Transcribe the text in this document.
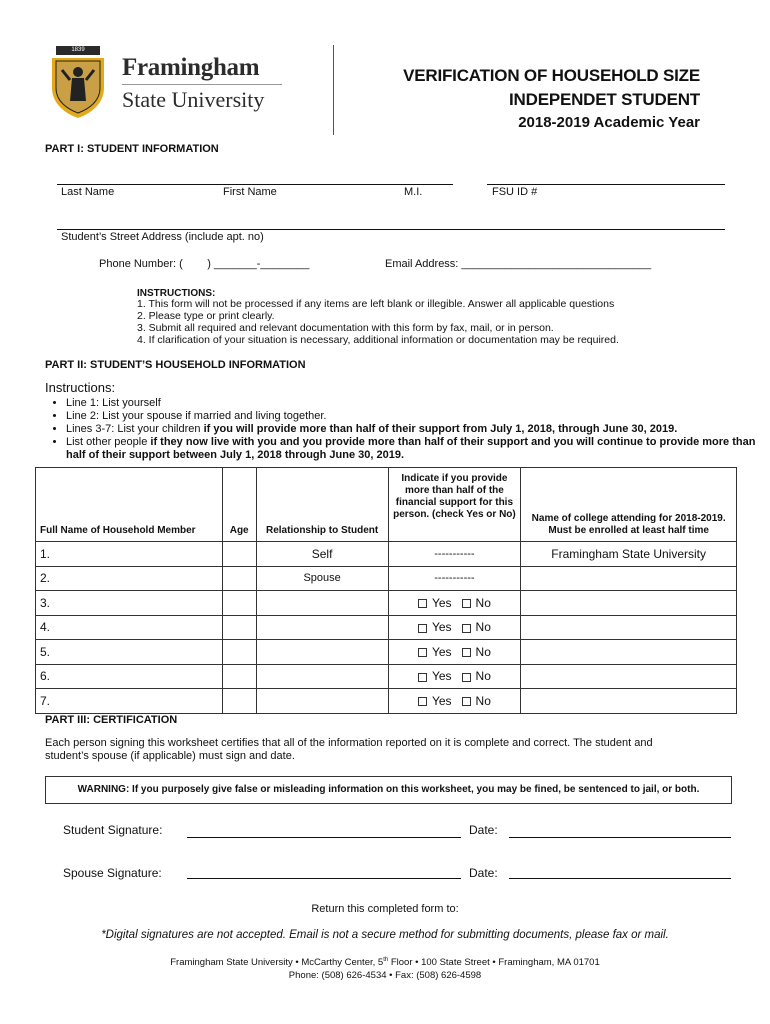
1839
Framingham
State University
VERIFICATION OF HOUSEHOLD SIZE
INDEPENDET STUDENT
2018-2019 Academic Year
PART I: STUDENT INFORMATION
Last Name	First Name	M.I.	FSU ID #
Student’s Street Address (include apt. no)
Phone Number: (        ) _______-________	Email Address: _______________________________
INSTRUCTIONS:
1. This form will not be processed if any items are left blank or illegible. Answer all applicable questions
2. Please type or print clearly.
3. Submit all required and relevant documentation with this form by fax, mail, or in person.
4. If clarification of your situation is necessary, additional information or documentation may be required.
PART II: STUDENT’S HOUSEHOLD INFORMATION
Instructions:
• Line 1: List yourself
• Line 2: List your spouse if married and living together.
• Lines 3-7: List your children if you will provide more than half of their support from July 1, 2018, through June 30, 2019.
• List other people if they now live with you and you provide more than half of their support and you will continue to provide more than half of their support between July 1, 2018 through June 30, 2019.
Full Name of Household Member	Age	Relationship to Student	Indicate if you provide more than half of the financial support for this person. (check Yes or No)	Name of college attending for 2018-2019. Must be enrolled at least half time
1.		Self	-----------	Framingham State University
2.		Spouse	-----------	
3.			Yes No	
4.			Yes No	
5.			Yes No	
6.			Yes No	
7.			Yes No	
PART III: CERTIFICATION
Each person signing this worksheet certifies that all of the information reported on it is complete and correct. The student and
student’s spouse (if applicable) must sign and date.
WARNING: If you purposely give false or misleading information on this worksheet, you may be fined, be sentenced to jail, or both.
Student Signature:	Date:
Spouse Signature:	Date:
Return this completed form to:
*Digital signatures are not accepted. Email is not a secure method for submitting documents, please fax or mail.
Framingham State University • McCarthy Center, 5th Floor • 100 State Street • Framingham, MA 01701
Phone: (508) 626-4534 • Fax: (508) 626-4598
